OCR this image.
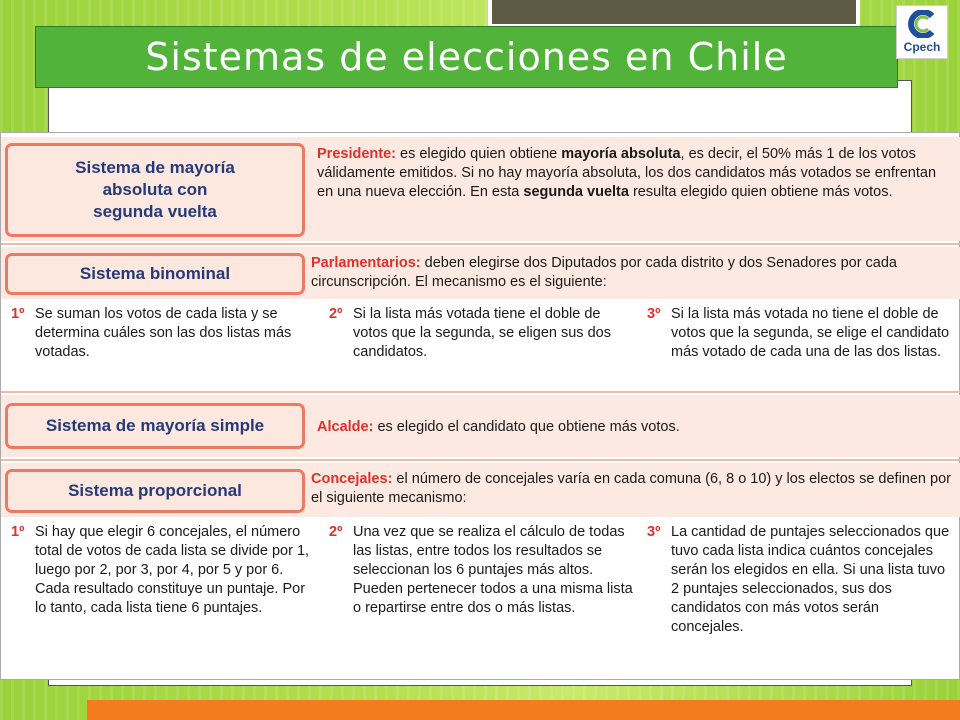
Sistemas de elecciones en Chile	Cpech
Sistema de mayoría
absoluta con
segunda vuelta
Presidente: es elegido quien obtiene mayoría absoluta, es decir, el 50% más 1 de los votos válidamente emitidos. Si no hay mayoría absoluta, los dos candidatos más votados se enfrentan en una nueva elección. En esta segunda vuelta resulta elegido quien obtiene más votos.
Sistema binominal
Parlamentarios: deben elegirse dos Diputados por cada distrito y dos Senadores por cada circunscripción. El mecanismo es el siguiente:
1º Se suman los votos de cada lista y se determina cuáles son las dos listas más votadas.
2º Si la lista más votada tiene el doble de votos que la segunda, se eligen sus dos candidatos.
3º Si la lista más votada no tiene el doble de votos que la segunda, se elige el candidato más votado de cada una de las dos listas.
Sistema de mayoría simple	Alcalde: es elegido el candidato que obtiene más votos.
Sistema proporcional
Concejales: el número de concejales varía en cada comuna (6, 8 o 10) y los electos se definen por el siguiente mecanismo:
1º Si hay que elegir 6 concejales, el número total de votos de cada lista se divide por 1, luego por 2, por 3, por 4, por 5 y por 6. Cada resultado constituye un puntaje. Por lo tanto, cada lista tiene 6 puntajes.
2º Una vez que se realiza el cálculo de todas las listas, entre todos los resultados se seleccionan los 6 puntajes más altos. Pueden pertenecer todos a una misma lista o repartirse entre dos o más listas.
3º La cantidad de puntajes seleccionados que tuvo cada lista indica cuántos concejales serán los elegidos en ella. Si una lista tuvo 2 puntajes seleccionados, sus dos candidatos con más votos serán concejales.
